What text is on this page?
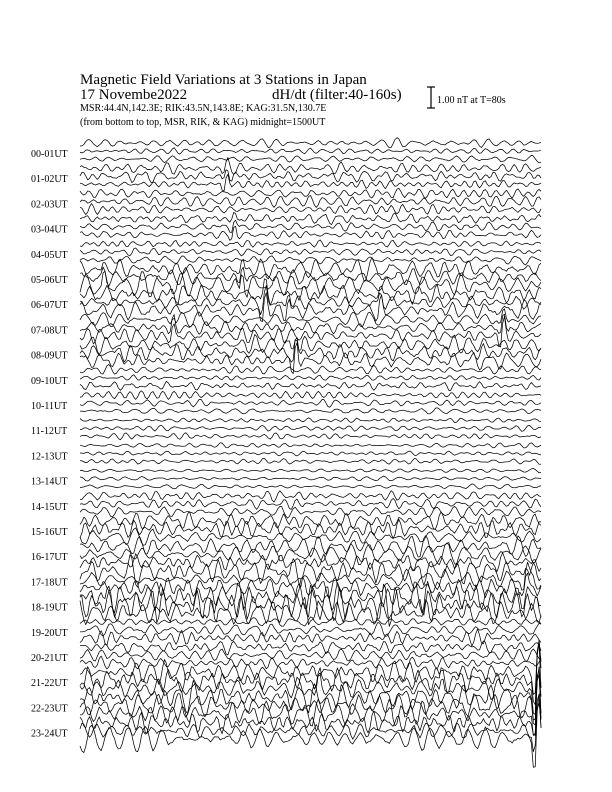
Magnetic Field Variations at 3 Stations in Japan
17 Novembe2022	dH/dt (filter:40-160s)
MSR:44.4N,142.3E; RIK:43.5N,143.8E; KAG:31.5N,130.7E
(from bottom to top, MSR, RIK, & KAG) midnight=1500UT
1.00 nT at T=80s
00-01UT
01-02UT
02-03UT
03-04UT
04-05UT
05-06UT
06-07UT
07-08UT
08-09UT
09-10UT
10-11UT
11-12UT
12-13UT
13-14UT
14-15UT
15-16UT
16-17UT
17-18UT
18-19UT
19-20UT
20-21UT
21-22UT
22-23UT
23-24UT
